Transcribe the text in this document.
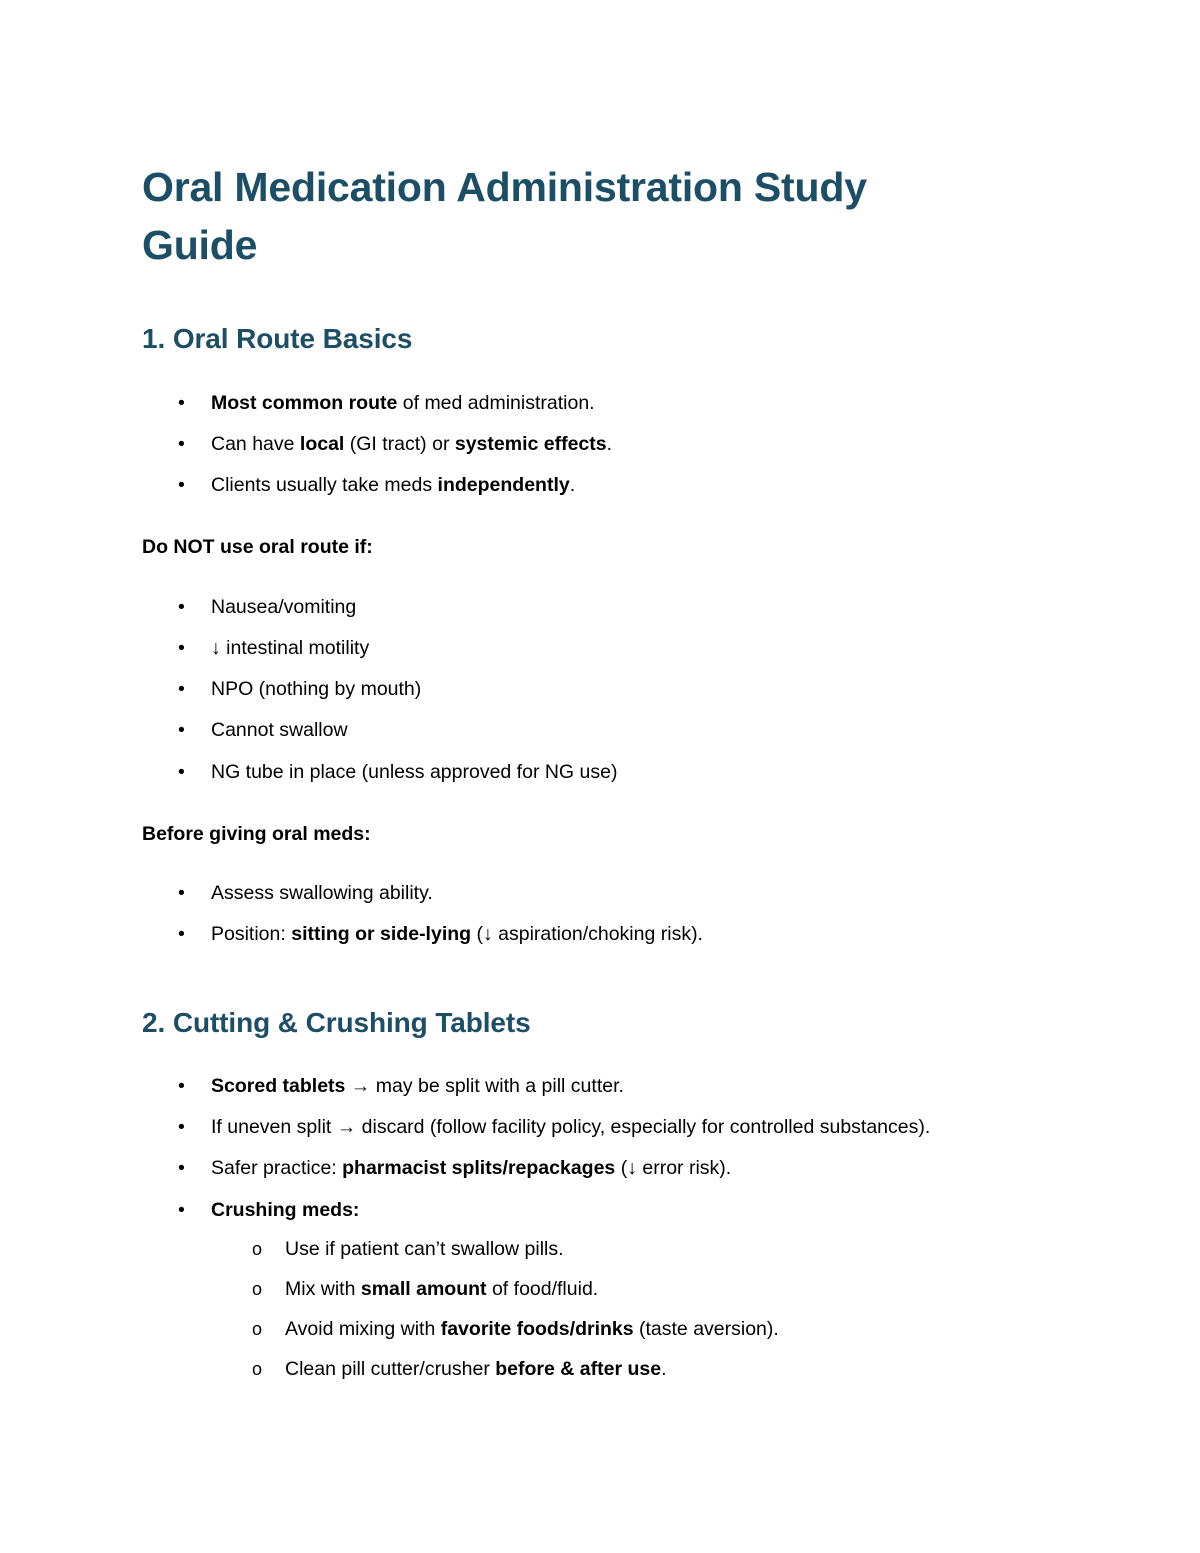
Oral Medication Administration Study Guide
1. Oral Route Basics
• Most common route of med administration.
• Can have local (GI tract) or systemic effects.
• Clients usually take meds independently.

Do NOT use oral route if:

• Nausea/vomiting
• ↓ intestinal motility
• NPO (nothing by mouth)
• Cannot swallow
• NG tube in place (unless approved for NG use)

Before giving oral meds:

• Assess swallowing ability.
• Position: sitting or side-lying (↓ aspiration/choking risk).
2. Cutting & Crushing Tablets
• Scored tablets → may be split with a pill cutter.
• If uneven split → discard (follow facility policy, especially for controlled substances).
• Safer practice: pharmacist splits/repackages (↓ error risk).
• Crushing meds:
o Use if patient can’t swallow pills.
o Mix with small amount of food/fluid.
o Avoid mixing with favorite foods/drinks (taste aversion).
o Clean pill cutter/crusher before & after use.
